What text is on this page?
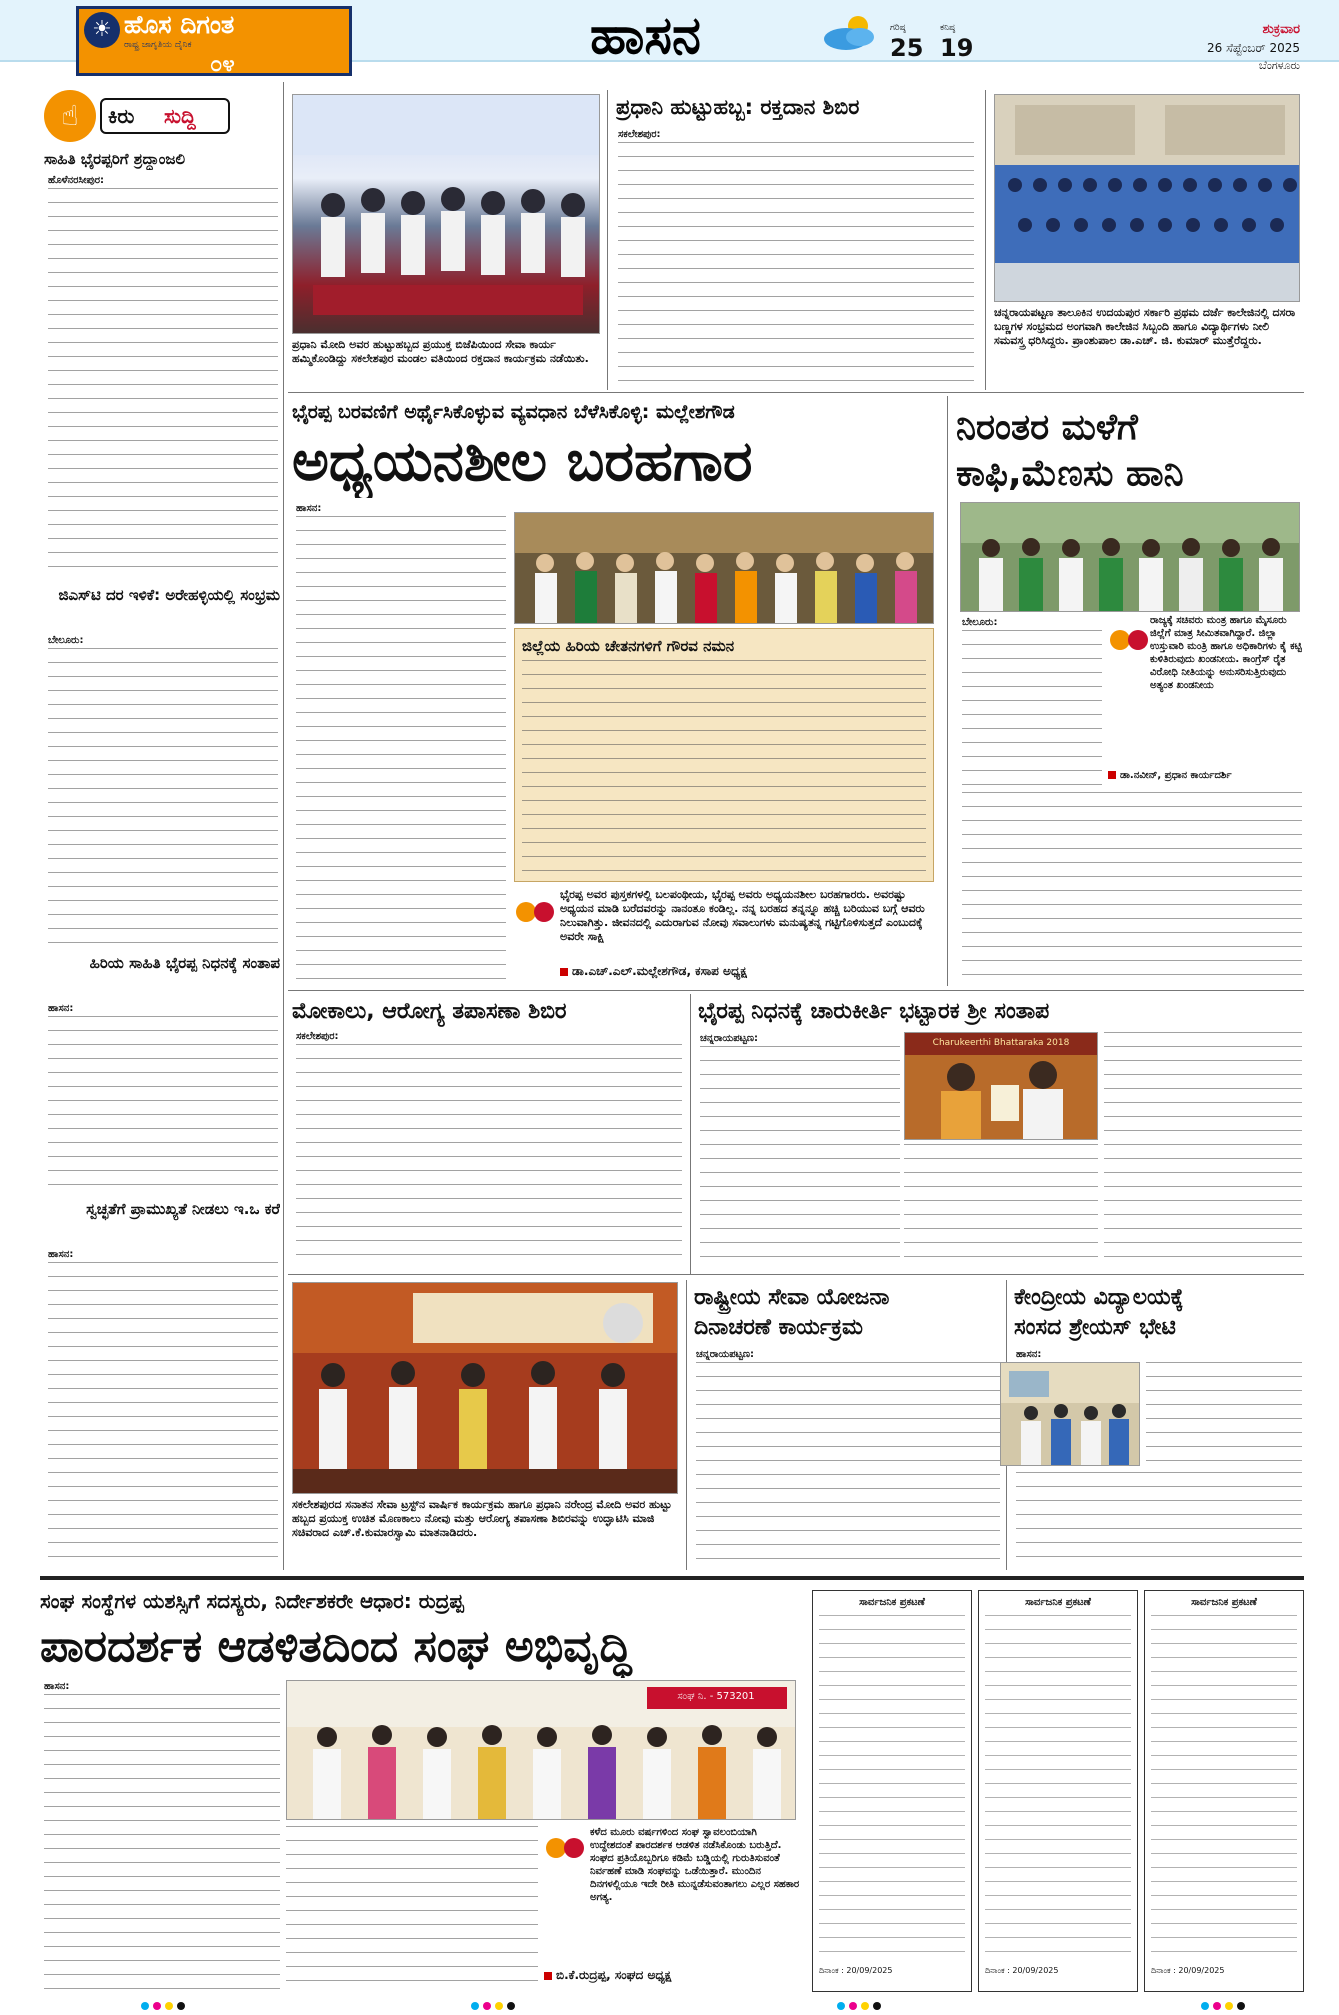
☀ ಹೊಸ ದಿಗಂತ
ರಾಷ್ಟ್ರ ಜಾಗೃತಿಯ ದೈನಿಕ
೦೪	ಹಾಸನ	ಗರಿಷ್ಠ
25
ಕನಿಷ್ಠ
19
ಶುಕ್ರವಾರ
26 ಸೆಪ್ಟೆಂಬರ್ 2025
ಬೆಂಗಳೂರು
☝	ಕಿರು	ಸುದ್ದಿ
ಸಾಹಿತಿ ಭೈರಪ್ಪರಿಗೆ ಶ್ರದ್ಧಾಂಜಲಿ
ಹೊಳೆನರಸೀಪುರ:
ಜಿಎಸ್‌ಟಿ ದರ ಇಳಿಕೆ: ಅರೇಹಳ್ಳಿಯಲ್ಲಿ ಸಂಭ್ರಮ
ಬೇಲೂರು:
ಹಿರಿಯ ಸಾಹಿತಿ ಭೈರಪ್ಪ ನಿಧನಕ್ಕೆ ಸಂತಾಪ
ಹಾಸನ:
ಸ್ವಚ್ಛತೆಗೆ ಪ್ರಾಮುಖ್ಯತೆ ನೀಡಲು ಇ.ಒ ಕರೆ
ಹಾಸನ:
ಪ್ರಧಾನಿ ಮೋದಿ ಅವರ ಹುಟ್ಟುಹಬ್ಬದ ಪ್ರಯುಕ್ತ ಬಿಜೆಪಿಯಿಂದ ಸೇವಾ ಕಾರ್ಯ ಹಮ್ಮಿಕೊಂಡಿದ್ದು ಸಕಲೇಶಪುರ ಮಂಡಲ ವತಿಯಿಂದ ರಕ್ತದಾನ ಕಾರ್ಯಕ್ರಮ ನಡೆಯಿತು.
ಪ್ರಧಾನಿ ಹುಟ್ಟುಹಬ್ಬ: ರಕ್ತದಾನ ಶಿಬಿರ
ಸಕಲೇಶಪುರ:
ಚನ್ನರಾಯಪಟ್ಟಣ ತಾಲೂಕಿನ ಉದಯಪುರ ಸರ್ಕಾರಿ ಪ್ರಥಮ ದರ್ಜೆ ಕಾಲೇಜಿನಲ್ಲಿ ದಸರಾ ಬಣ್ಣಗಳ ಸಂಭ್ರಮದ ಅಂಗವಾಗಿ ಕಾಲೇಜಿನ ಸಿಬ್ಬಂದಿ ಹಾಗೂ ವಿದ್ಯಾರ್ಥಿಗಳು ನೀಲಿ ಸಮವಸ್ತ್ರ ಧರಿಸಿದ್ದರು. ಪ್ರಾಂಶುಪಾಲ ಡಾ.ಎಚ್. ಜಿ. ಕುಮಾರ್ ಮುತ್ತೆರೆದ್ದರು.
ಭೈರಪ್ಪ ಬರವಣಿಗೆ ಅರ್ಥೈಸಿಕೊಳ್ಳುವ ವ್ಯವಧಾನ ಬೆಳೆಸಿಕೊಳ್ಳಿ: ಮಲ್ಲೇಶಗೌಡ
ಅಧ್ಯಯನಶೀಲ ಬರಹಗಾರ
ಹಾಸನ:
ಜಿಲ್ಲೆಯ ಹಿರಿಯ ಚೇತನಗಳಿಗೆ ಗೌರವ ನಮನ
ಭೈರಪ್ಪ ಅವರ ಪುಸ್ತಕಗಳಲ್ಲಿ ಬಲಪಂಥೀಯ, ಭೈರಪ್ಪ ಅವರು ಅಧ್ಯಯನಶೀಲ ಬರಹಗಾರರು. ಅವರಷ್ಟು ಅಧ್ಯಯನ ಮಾಡಿ ಬರೆದವರನ್ನು ನಾನಂತೂ ಕಂಡಿಲ್ಲ. ನನ್ನ ಬರಹದ ತನ್ನನ್ನೂ ಹಚ್ಚಿ ಬರಿಯುವ ಬಗ್ಗೆ ಆವರು ನಿಲುವಾಗಿತ್ತು. ಜೀವನದಲ್ಲಿ ಎದುರಾಗುವ ನೋವು ಸವಾಲುಗಳು ಮನುಷ್ಯತನ್ನ ಗಟ್ಟಿಗೊಳಿಸುತ್ತದೆ ಎಂಬುದಕ್ಕೆ ಅವರೇ ಸಾಕ್ಷಿ
ಡಾ.ಎಚ್.ಎಲ್.ಮಲ್ಲೇಶಗೌಡ, ಕಸಾಪ ಅಧ್ಯಕ್ಷ
ನಿರಂತರ ಮಳೆಗೆ
ಕಾಫಿ,ಮೆಣಸು ಹಾನಿ
ಬೇಲೂರು:	ರಾಜ್ಯಕ್ಕೆ ಸಚಿವರು ಮಂತ್ರ ಹಾಗೂ ಮೈಸೂರು ಜಿಲ್ಲೆಗೆ ಮಾತ್ರ ಸೀಮಿತವಾಗಿದ್ದಾರೆ. ಜಿಲ್ಲಾ ಉಸ್ತುವಾರಿ ಮಂತ್ರಿ ಹಾಗೂ ಅಧಿಕಾರಿಗಳು ಕೈ ಕಟ್ಟಿ ಕುಳಿತಿರುವುದು ಖಂಡನೀಯ. ಕಾಂಗ್ರೆಸ್ ರೈತ ವಿರೋಧಿ ನೀತಿಯನ್ನು ಅನುಸರಿಸುತ್ತಿರುವುದು ಅತ್ಯಂತ ಖಂಡನೀಯ
ಡಾ.ನವೀನ್, ಪ್ರಧಾನ ಕಾರ್ಯದರ್ಶಿ
ಮೋಕಾಲು, ಆರೋಗ್ಯ ತಪಾಸಣಾ ಶಿಬಿರ
ಸಕಲೇಶಪುರ:
ಭೈರಪ್ಪ ನಿಧನಕ್ಕೆ ಚಾರುಕೀರ್ತಿ ಭಟ್ಟಾರಕ ಶ್ರೀ ಸಂತಾಪ
ಚನ್ನರಾಯಪಟ್ಟಣ:	Charukeerthi Bhattaraka 2018
ಸಕಲೇಶಪುರದ ಸನಾತನ ಸೇವಾ ಟ್ರಸ್ಟ್‌ನ ವಾರ್ಷಿಕ ಕಾರ್ಯಕ್ರಮ ಹಾಗೂ ಪ್ರಧಾನಿ ನರೇಂದ್ರ ಮೋದಿ ಅವರ ಹುಟ್ಟು ಹಬ್ಬದ ಪ್ರಯುಕ್ತ ಉಚಿತ ಮೊಣಕಾಲು ನೋವು ಮತ್ತು ಆರೋಗ್ಯ ತಪಾಸಣಾ ಶಿಬಿರವನ್ನು ಉದ್ಘಾಟಿಸಿ ಮಾಜಿ ಸಚಿವರಾದ ಎಚ್.ಕೆ.ಕುಮಾರಸ್ವಾಮಿ ಮಾತನಾಡಿದರು.
ರಾಷ್ಟ್ರೀಯ ಸೇವಾ ಯೋಜನಾ
ದಿನಾಚರಣೆ ಕಾರ್ಯಕ್ರಮ
ಚನ್ನರಾಯಪಟ್ಟಣ:
ಕೇಂದ್ರೀಯ ವಿದ್ಯಾಲಯಕ್ಕೆ
ಸಂಸದ ಶ್ರೇಯಸ್ ಭೇಟಿ
ಹಾಸನ:
ಸಂಘ ಸಂಸ್ಥೆಗಳ ಯಶಸ್ಸಿಗೆ ಸದಸ್ಯರು, ನಿರ್ದೇಶಕರೇ ಆಧಾರ: ರುದ್ರಪ್ಪ
ಪಾರದರ್ಶಕ ಆಡಳಿತದಿಂದ ಸಂಘ ಅಭಿವೃದ್ಧಿ
ಹಾಸನ:
ಸಂಘ ನಿ. - 573201
ಕಳೆದ ಮೂರು ವರ್ಷಗಳಿಂದ ಸಂಘ ಸ್ವಾವಲಂಬಿಯಾಗಿ ಉದ್ದೇಶದಂತೆ ಪಾರದರ್ಶಕ ಆಡಳಿತ ನಡೆಸಿಕೊಂಡು ಬರುತ್ತಿದೆ. ಸಂಘದ ಪ್ರತಿಯೊಬ್ಬರಿಗೂ ಕಡಿಮೆ ಬಡ್ಡಿಯಲ್ಲಿ ಗುರುತಿಸುವಂತೆ ನಿರ್ವಹಣೆ ಮಾಡಿ ಸಂಘವನ್ನು ಒಡೆಯಿತ್ತಾರೆ. ಮುಂದಿನ ದಿನಗಳಲ್ಲಿಯೂ ಇದೇ ರೀತಿ ಮುನ್ನಡೆಸುವಂತಾಗಲು ಎಲ್ಲರ ಸಹಕಾರ ಅಗತ್ಯ.
ಬಿ.ಕೆ.ರುದ್ರಪ್ಪ, ಸಂಘದ ಅಧ್ಯಕ್ಷ
ಸಾರ್ವಜನಿಕ ಪ್ರಕಟಣೆ
ದಿನಾಂಕ : 20/09/2025
ಸಾರ್ವಜನಿಕ ಪ್ರಕಟಣೆ
ದಿನಾಂಕ : 20/09/2025
ಸಾರ್ವಜನಿಕ ಪ್ರಕಟಣೆ
ದಿನಾಂಕ : 20/09/2025
